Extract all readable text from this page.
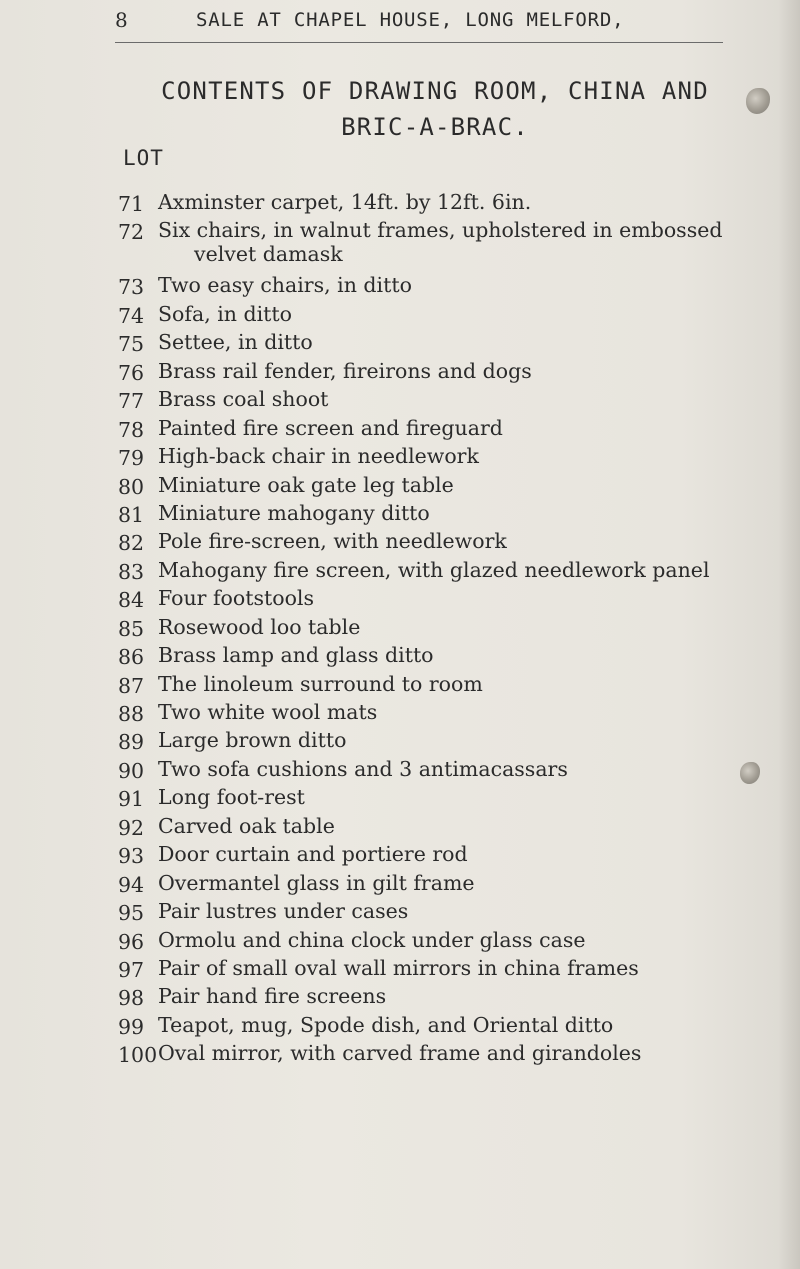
8	SALE AT CHAPEL HOUSE, LONG MELFORD,
CONTENTS OF DRAWING ROOM, CHINA AND
BRIC-A-BRAC.
LOT
71 Axminster carpet, 14ft. by 12ft. 6in.
72 Six chairs, in walnut frames, upholstered in embossed
velvet damask
73 Two easy chairs, in ditto
74 Sofa, in ditto
75 Settee, in ditto
76 Brass rail fender, fireirons and dogs
77 Brass coal shoot
78 Painted fire screen and fireguard
79 High-back chair in needlework
80 Miniature oak gate leg table
81 Miniature mahogany ditto
82 Pole fire-screen, with needlework
83 Mahogany fire screen, with glazed needlework panel
84 Four footstools
85 Rosewood loo table
86 Brass lamp and glass ditto
87 The linoleum surround to room
88 Two white wool mats
89 Large brown ditto
90 Two sofa cushions and 3 antimacassars
91 Long foot-rest
92 Carved oak table
93 Door curtain and portiere rod
94 Overmantel glass in gilt frame
95 Pair lustres under cases
96 Ormolu and china clock under glass case
97 Pair of small oval wall mirrors in china frames
98 Pair hand fire screens
99 Teapot, mug, Spode dish, and Oriental ditto
100 Oval mirror, with carved frame and girandoles
